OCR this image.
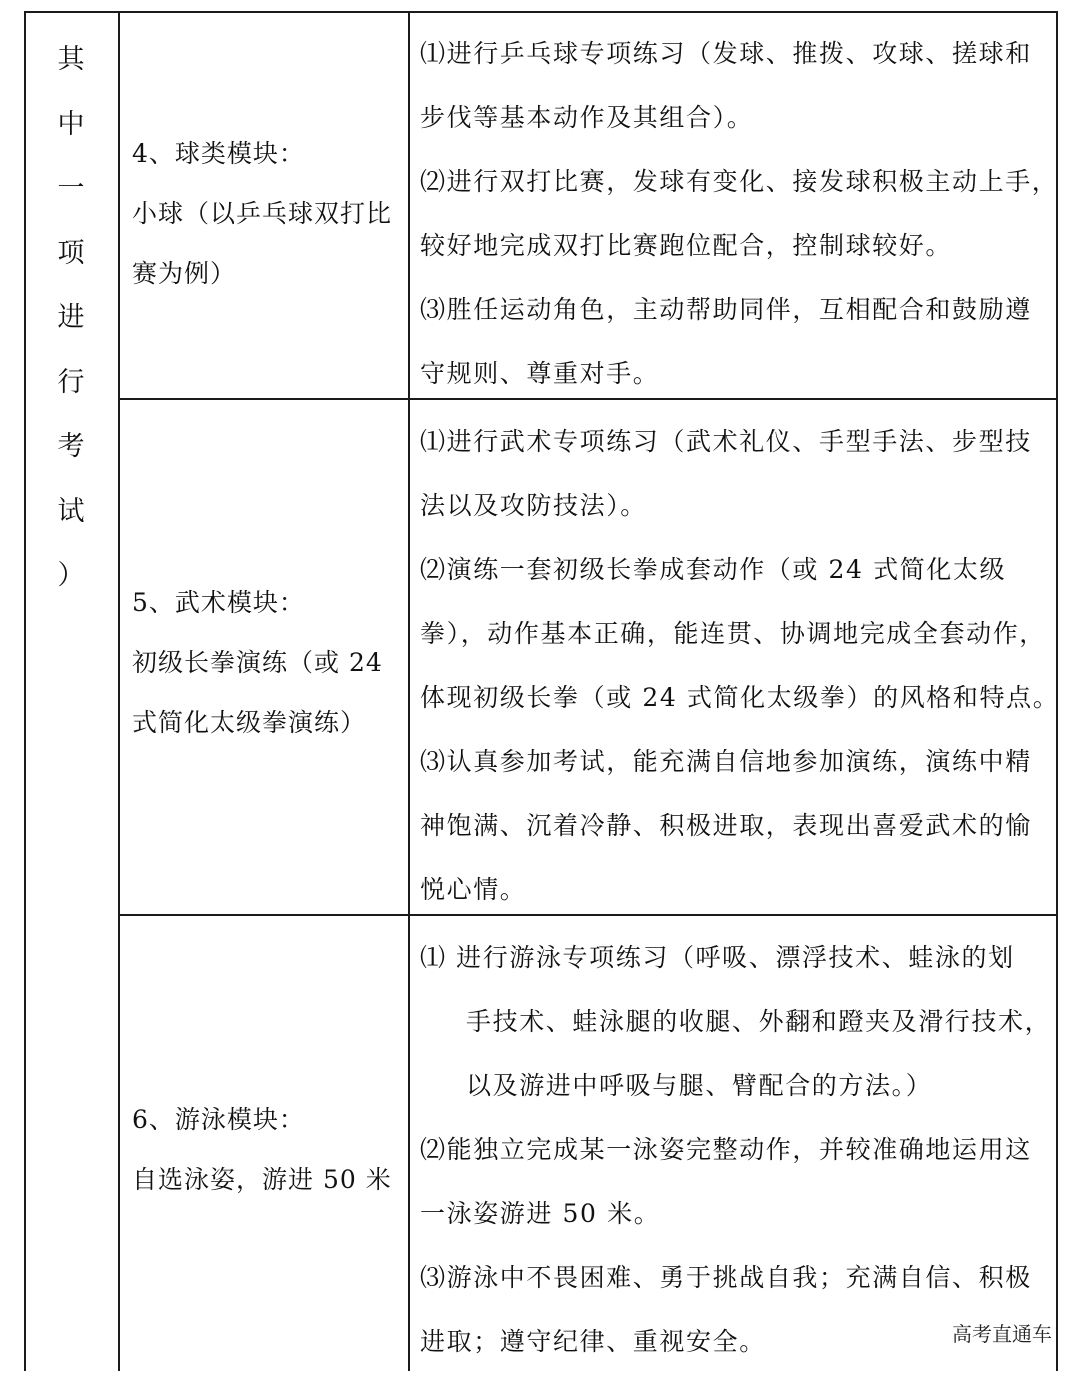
其
中
一
项
进
行
考
试
）
4、球类模块：
小球（以乒乓球双打比
赛为例）
⑴进行乒乓球专项练习（发球、推拨、攻球、搓球和
步伐等基本动作及其组合）。
⑵进行双打比赛，发球有变化、接发球积极主动上手，
较好地完成双打比赛跑位配合，控制球较好。
⑶胜任运动角色，主动帮助同伴，互相配合和鼓励遵
守规则、尊重对手。
5、武术模块：
初级长拳演练（或 24
式简化太级拳演练）
⑴进行武术专项练习（武术礼仪、手型手法、步型技
法以及攻防技法）。
⑵演练一套初级长拳成套动作（或 24 式简化太级
拳），动作基本正确，能连贯、协调地完成全套动作，
体现初级长拳（或 24 式简化太级拳）的风格和特点。
⑶认真参加考试，能充满自信地参加演练，演练中精
神饱满、沉着冷静、积极进取，表现出喜爱武术的愉
悦心情。
6、游泳模块：
自选泳姿，游进 50 米
⑴ 进行游泳专项练习（呼吸、漂浮技术、蛙泳的划
手技术、蛙泳腿的收腿、外翻和蹬夹及滑行技术，
以及游进中呼吸与腿、臂配合的方法。）
⑵能独立完成某一泳姿完整动作，并较准确地运用这
一泳姿游进 50 米。
⑶游泳中不畏困难、勇于挑战自我；充满自信、积极
进取；遵守纪律、重视安全。	高考直通车
